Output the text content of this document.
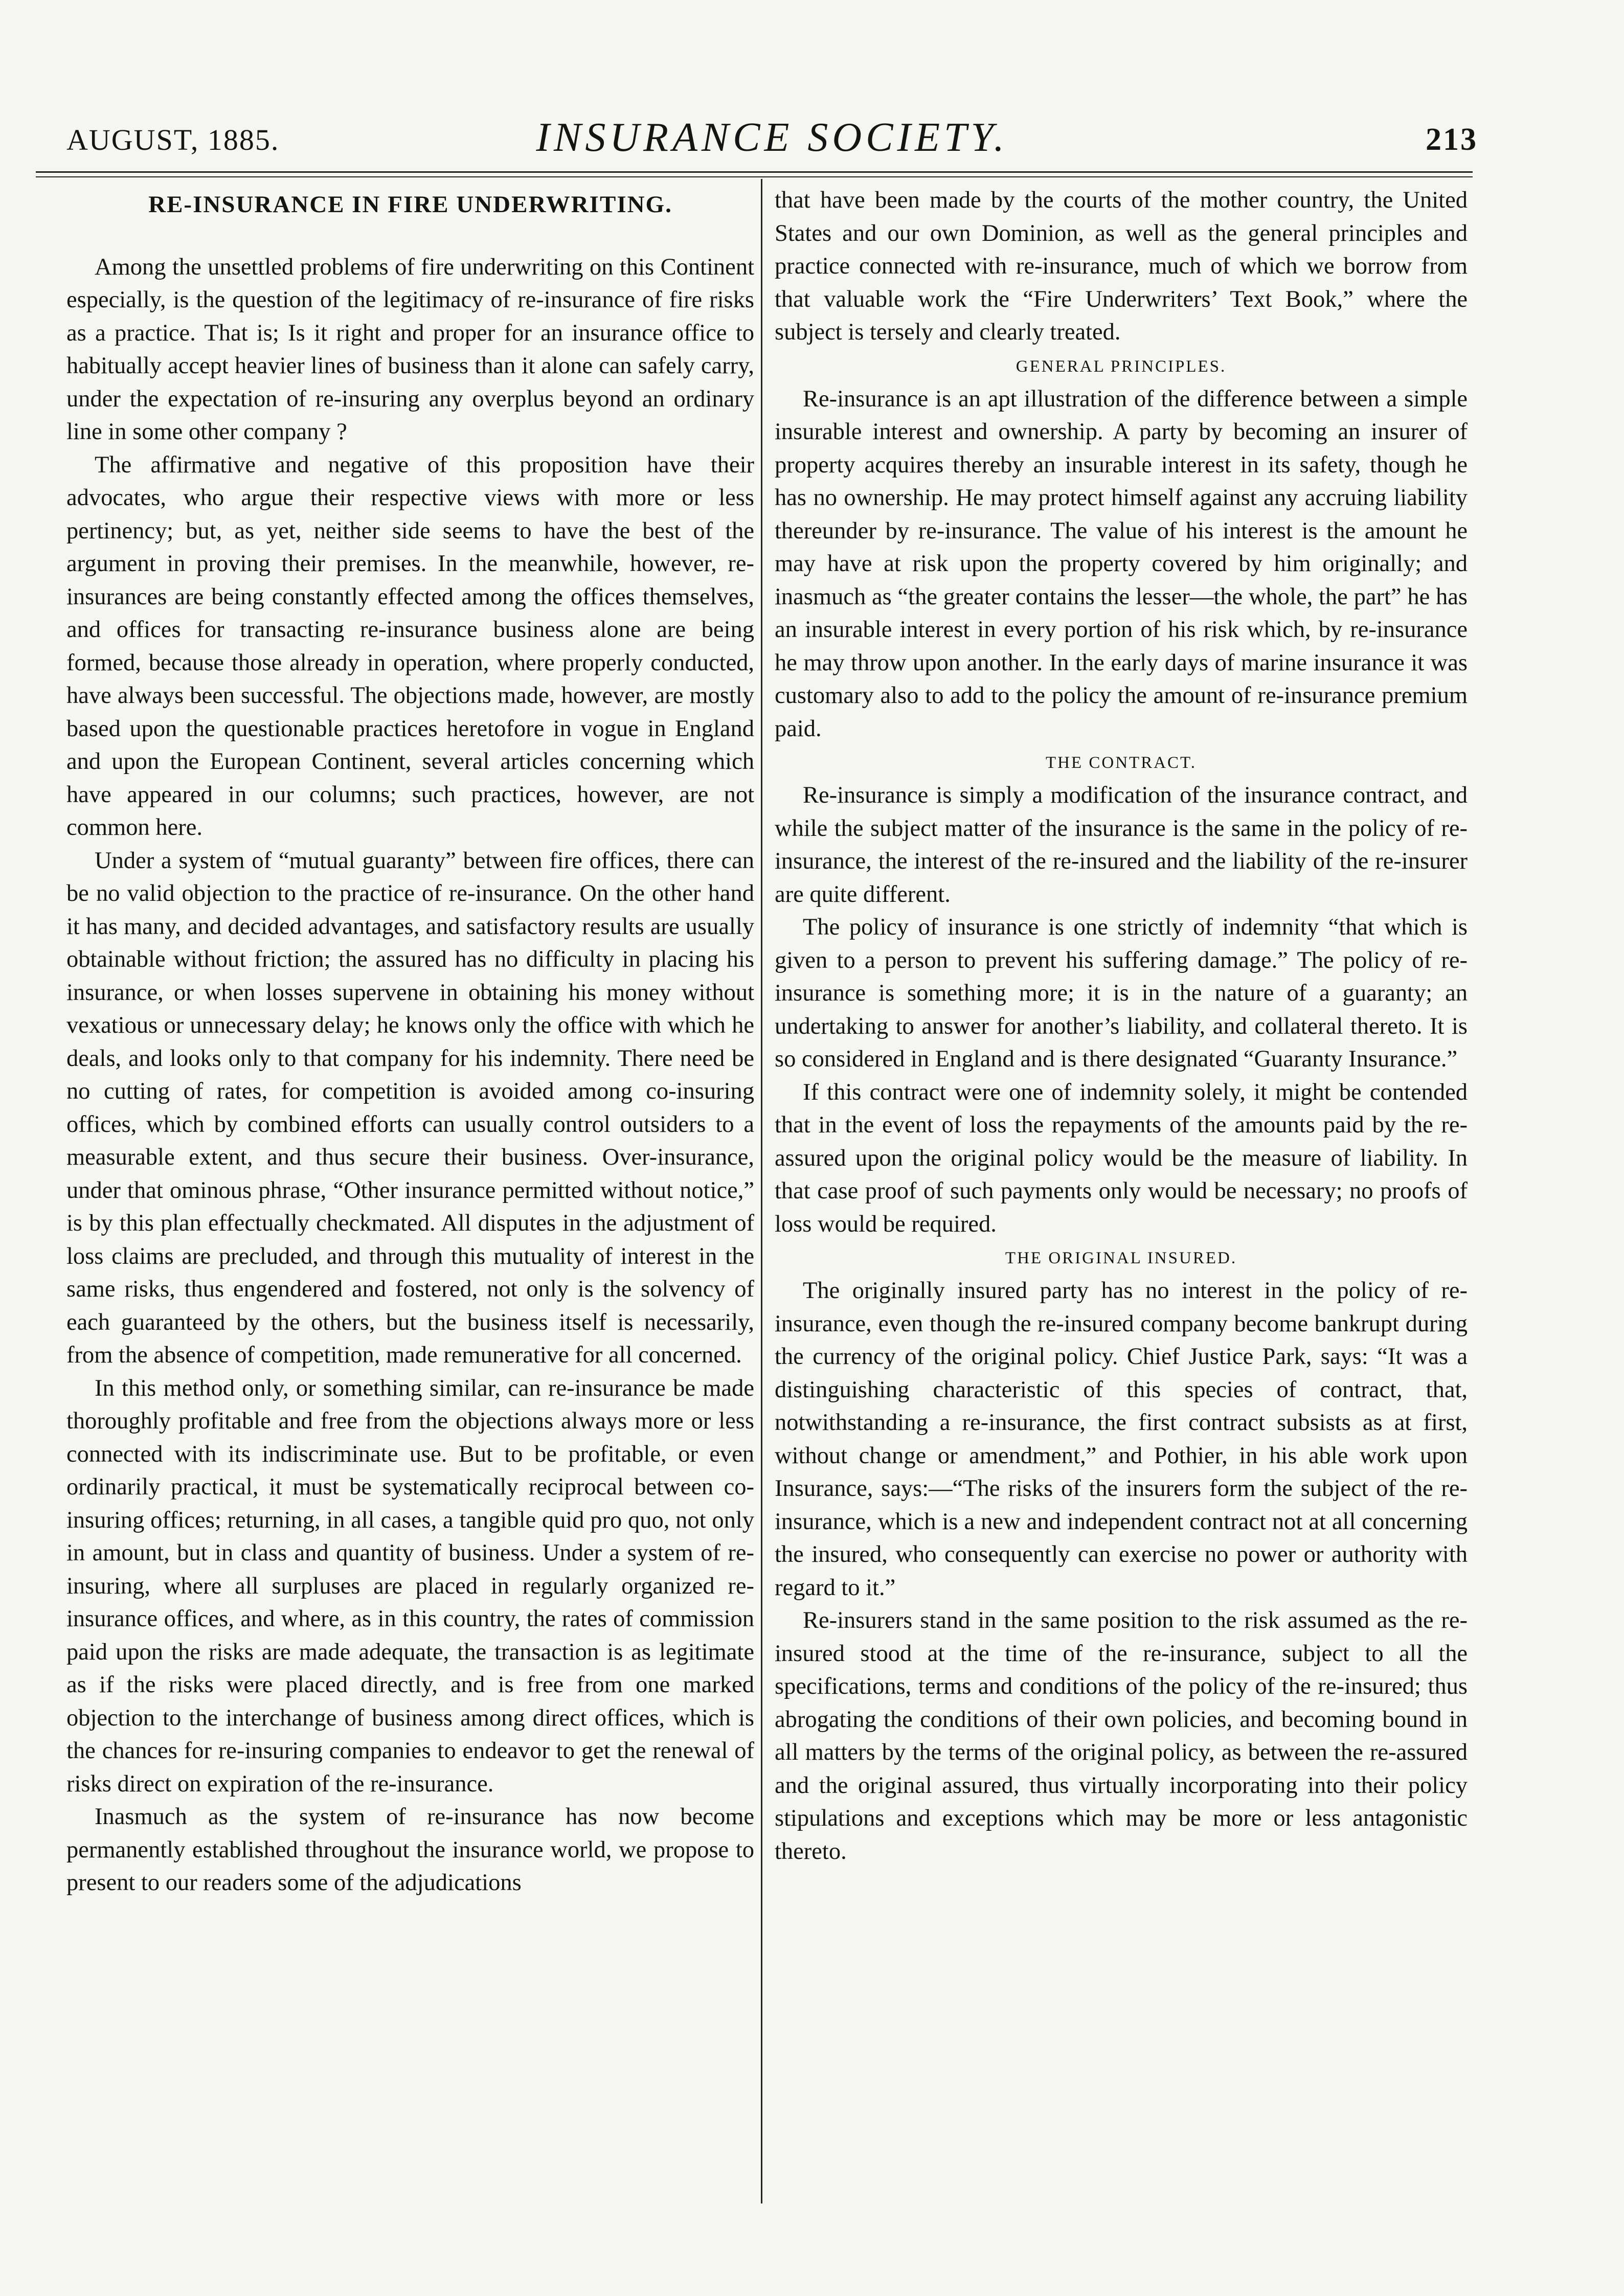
AUGUST, 1885.	INSURANCE SOCIETY.	213
RE-INSURANCE IN FIRE UNDERWRITING.

Among the unsettled problems of fire underwriting on this Continent especially, is the question of the legitimacy of re-insurance of fire risks as a practice. That is; Is it right and proper for an insurance office to habitually accept heavier lines of business than it alone can safely carry, under the expectation of re-insuring any overplus beyond an ordinary line in some other company ?

The affirmative and negative of this proposition have their advocates, who argue their respective views with more or less pertinency; but, as yet, neither side seems to have the best of the argument in proving their premises. In the meanwhile, however, re-insurances are being constantly effected among the offices themselves, and offices for transacting re-insurance business alone are being formed, because those already in operation, where properly conducted, have always been successful. The objections made, however, are mostly based upon the questionable practices heretofore in vogue in England and upon the European Continent, several articles concerning which have appeared in our columns; such practices, however, are not common here.

Under a system of “mutual guaranty” between fire offices, there can be no valid objection to the practice of re-insurance. On the other hand it has many, and decided advantages, and satisfactory results are usually obtainable without friction; the assured has no difficulty in placing his insurance, or when losses supervene in obtaining his money without vexatious or unnecessary delay; he knows only the office with which he deals, and looks only to that company for his indemnity. There need be no cutting of rates, for competition is avoided among co-insuring offices, which by combined efforts can usually control outsiders to a measurable extent, and thus secure their business. Over-insurance, under that ominous phrase, “Other insurance permitted without notice,” is by this plan effectually checkmated. All disputes in the adjustment of loss claims are precluded, and through this mutuality of interest in the same risks, thus engendered and fostered, not only is the solvency of each guaranteed by the others, but the business itself is necessarily, from the absence of competition, made remunerative for all concerned.

In this method only, or something similar, can re-insurance be made thoroughly profitable and free from the objections always more or less connected with its indiscriminate use. But to be profitable, or even ordinarily practical, it must be systematically reciprocal between co-insuring offices; returning, in all cases, a tangible quid pro quo, not only in amount, but in class and quantity of business. Under a system of re-insuring, where all surpluses are placed in regularly organized re-insurance offices, and where, as in this country, the rates of commission paid upon the risks are made adequate, the transaction is as legitimate as if the risks were placed directly, and is free from one marked objection to the interchange of business among direct offices, which is the chances for re-insuring companies to endeavor to get the renewal of risks direct on expiration of the re-insurance.

Inasmuch as the system of re-insurance has now become permanently established throughout the insurance world, we propose to present to our readers some of the adjudications

that have been made by the courts of the mother country, the United States and our own Dominion, as well as the general principles and practice connected with re-insurance, much of which we borrow from that valuable work the “Fire Underwriters’ Text Book,” where the subject is tersely and clearly treated.

GENERAL PRINCIPLES.

Re-insurance is an apt illustration of the difference between a simple insurable interest and ownership. A party by becoming an insurer of property acquires thereby an insurable interest in its safety, though he has no ownership. He may protect himself against any accruing liability thereunder by re-insurance. The value of his interest is the amount he may have at risk upon the property covered by him originally; and inasmuch as “the greater contains the lesser—the whole, the part” he has an insurable interest in every portion of his risk which, by re-insurance he may throw upon another. In the early days of marine insurance it was customary also to add to the policy the amount of re-insurance premium paid.

THE CONTRACT.

Re-insurance is simply a modification of the insurance contract, and while the subject matter of the insurance is the same in the policy of re-insurance, the interest of the re-insured and the liability of the re-insurer are quite different.

The policy of insurance is one strictly of indemnity “that which is given to a person to prevent his suffering damage.” The policy of re-insurance is something more; it is in the nature of a guaranty; an undertaking to answer for another’s liability, and collateral thereto. It is so considered in England and is there designated “Guaranty Insurance.”

If this contract were one of indemnity solely, it might be contended that in the event of loss the repayments of the amounts paid by the re-assured upon the original policy would be the measure of liability. In that case proof of such payments only would be necessary; no proofs of loss would be required.

THE ORIGINAL INSURED.

The originally insured party has no interest in the policy of re-insurance, even though the re-insured company become bankrupt during the currency of the original policy. Chief Justice Park, says: “It was a distinguishing characteristic of this species of contract, that, notwithstanding a re-insurance, the first contract subsists as at first, without change or amendment,” and Pothier, in his able work upon Insurance, says:—“The risks of the insurers form the subject of the re-insurance, which is a new and independent contract not at all concerning the insured, who consequently can exercise no power or authority with regard to it.”

Re-insurers stand in the same position to the risk assumed as the re-insured stood at the time of the re-insurance, subject to all the specifications, terms and conditions of the policy of the re-insured; thus abrogating the conditions of their own policies, and becoming bound in all matters by the terms of the original policy, as between the re-assured and the original assured, thus virtually incorporating into their policy stipulations and exceptions which may be more or less antagonistic thereto.
